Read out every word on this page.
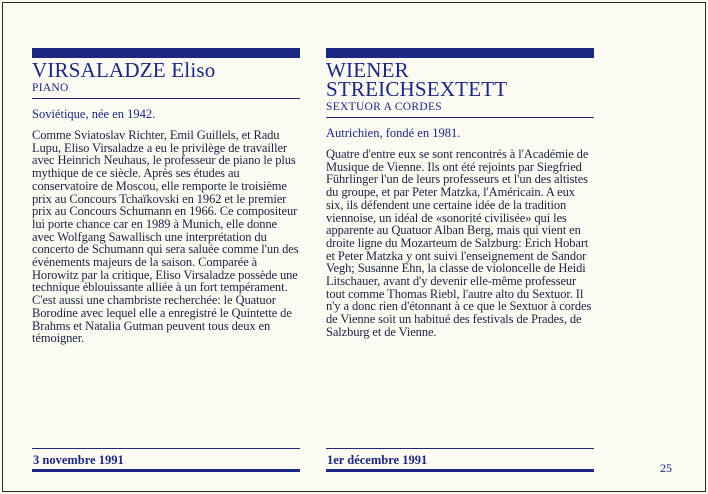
VIRSALADZE Eliso
PIANO

Soviétique, née en 1942.

Comme Sviatoslav Richter, Emil Guillels, et Radu Lupu, Eliso Virsaladze a eu le privilège de travailler avec Heinrich Neuhaus, le professeur de piano le plus mythique de ce siècle. Après ses études au conservatoire de Moscou, elle remporte le troisième prix au Concours Tchaïkovski en 1962 et le premier prix au Concours Schumann en 1966. Ce compositeur lui porte chance car en 1989 à Munich, elle donne avec Wolfgang Sawallisch une interprétation du concerto de Schumann qui sera saluée comme l'un des événements majeurs de la saison. Comparée à Horowitz par la critique, Eliso Virsaladze possède une technique éblouissante alliée à un fort tempérament. C'est aussi une chambriste recherchée: le Quatuor Borodine avec lequel elle a enregistré le Quintette de Brahms et Natalia Gutman peuvent tous deux en témoigner.

WIENER STREICHSEXTETT
SEXTUOR A CORDES

Autrichien, fondé en 1981.

Quatre d'entre eux se sont rencontrés à l'Académie de Musique de Vienne. Ils ont été rejoints par Siegfried Führlinger l'un de leurs professeurs et l'un des altistes du groupe, et par Peter Matzka, l'Américain. A eux six, ils défendent une certaine idée de la tradition viennoise, un idéal de «sonorité civilisée» qui les apparente au Quatuor Alban Berg, mais qui vient en droite ligne du Mozarteum de Salzburg: Erich Hobart et Peter Matzka y ont suivi l'enseignement de Sandor Vegh; Susanne Ehn, la classe de violoncelle de Heidi Litschauer, avant d'y devenir elle-même professeur tout comme Thomas Riebl, l'autre alto du Sextuor. Il n'y a donc rien d'étonnant à ce que le Sextuor à cordes de Vienne soit un habitué des festivals de Prades, de Salzburg et de Vienne.

3 novembre 1991	1er décembre 1991
25
